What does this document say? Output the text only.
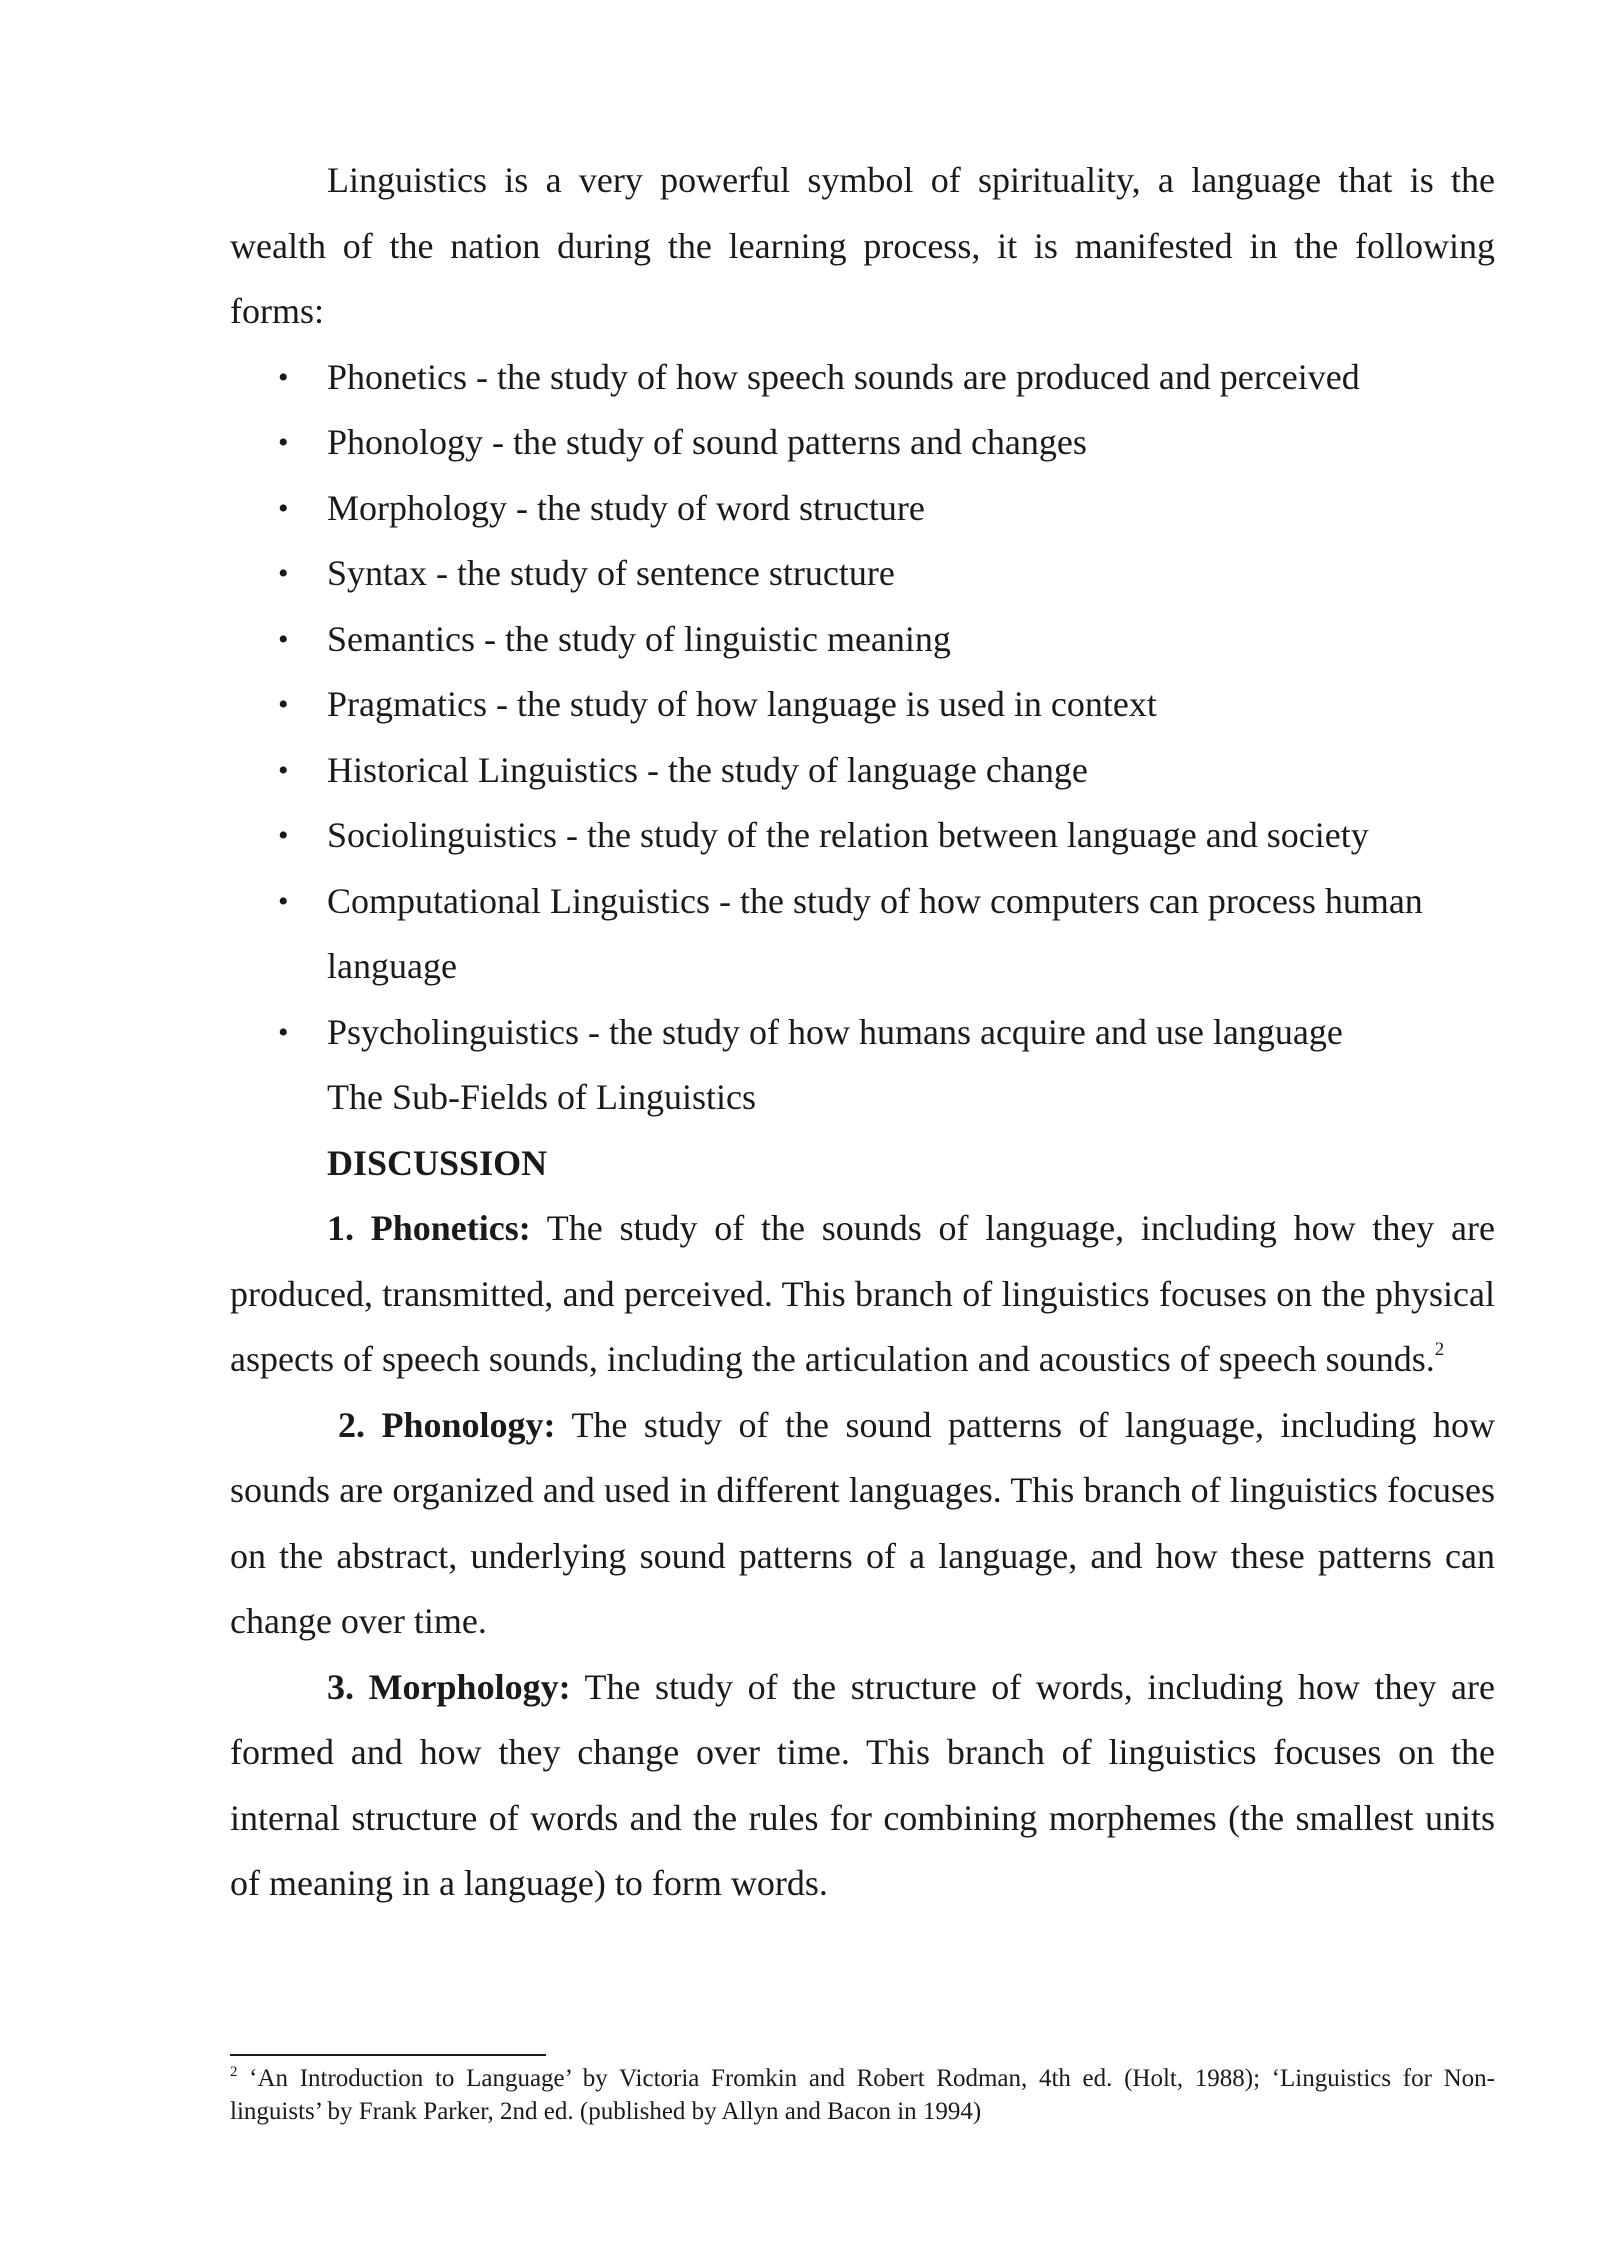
Linguistics is a very powerful symbol of spirituality, a language that is the wealth of the nation during the learning process, it is manifested in the following forms:

• Phonetics - the study of how speech sounds are produced and perceived
• Phonology - the study of sound patterns and changes
• Morphology - the study of word structure
• Syntax - the study of sentence structure
• Semantics - the study of linguistic meaning
• Pragmatics - the study of how language is used in context
• Historical Linguistics - the study of language change
• Sociolinguistics - the study of the relation between language and society
• Computational Linguistics - the study of how computers can process human language
• Psycholinguistics - the study of how humans acquire and use language

The Sub-Fields of Linguistics

DISCUSSION

1. Phonetics: The study of the sounds of language, including how they are produced, transmitted, and perceived. This branch of linguistics focuses on the physical aspects of speech sounds, including the articulation and acoustics of speech sounds.$^2$

2. Phonology: The study of the sound patterns of language, including how sounds are organized and used in different languages. This branch of linguistics focuses on the abstract, underlying sound patterns of a language, and how these patterns can change over time.

3. Morphology: The study of the structure of words, including how they are formed and how they change over time. This branch of linguistics focuses on the internal structure of words and the rules for combining morphemes (the smallest units of meaning in a language) to form words.

$^2$ ‘An Introduction to Language’ by Victoria Fromkin and Robert Rodman, 4th ed. (Holt, 1988); ‘Linguistics for Non-linguists’ by Frank Parker, 2nd ed. (published by Allyn and Bacon in 1994)
